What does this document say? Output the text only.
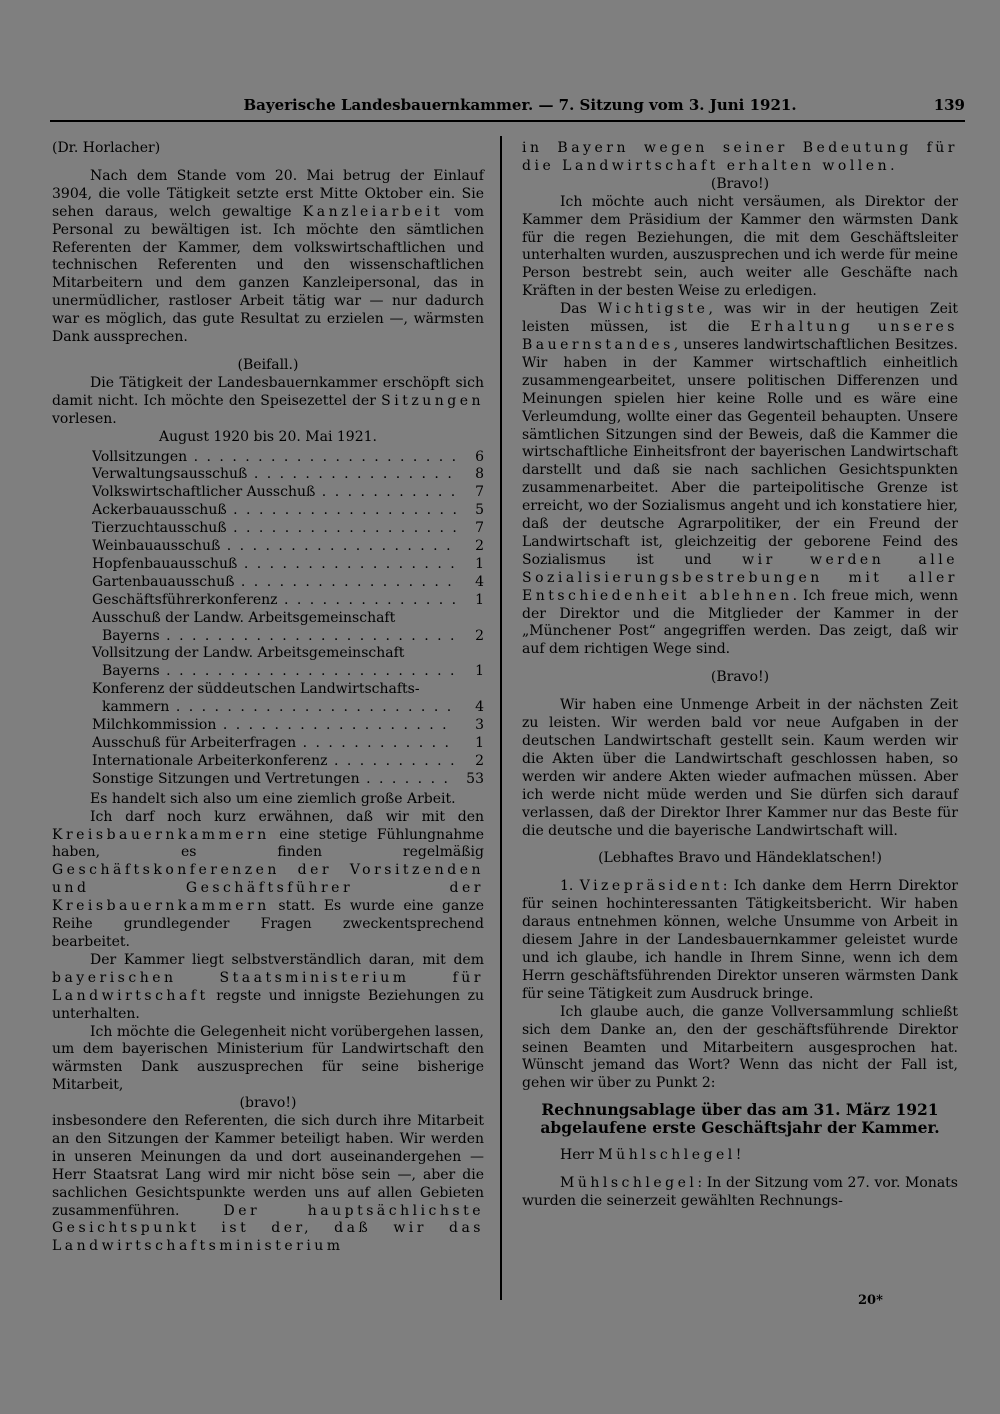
Bayerische Landesbauernkammer. — 7. Sitzung vom 3. Juni 1921.	139

(Dr. Horlacher)

Nach dem Stande vom 20. Mai betrug der Einlauf 3904, die volle Tätigkeit setzte erst Mitte Oktober ein. Sie sehen daraus, welch gewaltige Kanzleiarbeit vom Personal zu bewältigen ist. Ich möchte den sämtlichen Referenten der Kammer, dem volkswirtschaftlichen und technischen Referenten und den wissenschaftlichen Mitarbeitern und dem ganzen Kanzleipersonal, das in unermüdlicher, rastloser Arbeit tätig war — nur dadurch war es möglich, das gute Resultat zu erzielen —, wärmsten Dank aussprechen.

(Beifall.)

Die Tätigkeit der Landesbauernkammer erschöpft sich damit nicht. Ich möchte den Speisezettel der Sitzungen vorlesen.

August 1920 bis 20. Mai 1921.

Vollsitzungen . . .	6
Verwaltungsausschuß . . .	8
Volkswirtschaftlicher Ausschuß . . .	7
Ackerbauausschuß . . .	5
Tierzuchtausschuß . . .	7
Weinbauausschuß . . .	2
Hopfenbauausschuß . . .	1
Gartenbauausschuß . . .	4
Geschäftsführerkonferenz . . .	1
Ausschuß der Landw. Arbeitsgemeinschaft
Bayerns . . .	2
Vollsitzung der Landw. Arbeitsgemeinschaft
Bayerns . . .	1
Konferenz der süddeutschen Landwirtschafts-
kammern . . .	4
Milchkommission . . .	3
Ausschuß für Arbeiterfragen . . .	1
Internationale Arbeiterkonferenz . . .	2
Sonstige Sitzungen und Vertretungen . . .	53

Es handelt sich also um eine ziemlich große Arbeit.

Ich darf noch kurz erwähnen, daß wir mit den Kreisbauernkammern eine stetige Fühlungnahme haben, es finden regelmäßig Geschäftskonferenzen der Vorsitzenden und Geschäftsführer der Kreisbauernkammern statt. Es wurde eine ganze Reihe grundlegender Fragen zweckentsprechend bearbeitet.

Der Kammer liegt selbstverständlich daran, mit dem bayerischen Staatsministerium für Landwirtschaft regste und innigste Beziehungen zu unterhalten.

Ich möchte die Gelegenheit nicht vorübergehen lassen, um dem bayerischen Ministerium für Landwirtschaft den wärmsten Dank auszusprechen für seine bisherige Mitarbeit,

(bravo!)

insbesondere den Referenten, die sich durch ihre Mitarbeit an den Sitzungen der Kammer beteiligt haben. Wir werden in unseren Meinungen da und dort auseinandergehen — Herr Staatsrat Lang wird mir nicht böse sein —, aber die sachlichen Gesichtspunkte werden uns auf allen Gebieten zusammenführen. Der hauptsächlichste Gesichtspunkt ist der, daß wir das Landwirtschaftsministerium

in Bayern wegen seiner Bedeutung für die Landwirtschaft erhalten wollen.

(Bravo!)

Ich möchte auch nicht versäumen, als Direktor der Kammer dem Präsidium der Kammer den wärmsten Dank für die regen Beziehungen, die mit dem Geschäftsleiter unterhalten wurden, auszusprechen und ich werde für meine Person bestrebt sein, auch weiter alle Geschäfte nach Kräften in der besten Weise zu erledigen.

Das Wichtigste, was wir in der heutigen Zeit leisten müssen, ist die Erhaltung unseres Bauernstandes, unseres landwirtschaftlichen Besitzes. Wir haben in der Kammer wirtschaftlich einheitlich zusammengearbeitet, unsere politischen Differenzen und Meinungen spielen hier keine Rolle und es wäre eine Verleumdung, wollte einer das Gegenteil behaupten. Unsere sämtlichen Sitzungen sind der Beweis, daß die Kammer die wirtschaftliche Einheitsfront der bayerischen Landwirtschaft darstellt und daß sie nach sachlichen Gesichtspunkten zusammenarbeitet. Aber die parteipolitische Grenze ist erreicht, wo der Sozialismus angeht und ich konstatiere hier, daß der deutsche Agrarpolitiker, der ein Freund der Landwirtschaft ist, gleichzeitig der geborene Feind des Sozialismus ist und wir werden alle Sozialisierungsbestrebungen mit aller Entschiedenheit ablehnen. Ich freue mich, wenn der Direktor und die Mitglieder der Kammer in der „Münchener Post“ angegriffen werden. Das zeigt, daß wir auf dem richtigen Wege sind.

(Bravo!)

Wir haben eine Unmenge Arbeit in der nächsten Zeit zu leisten. Wir werden bald vor neue Aufgaben in der deutschen Landwirtschaft gestellt sein. Kaum werden wir die Akten über die Landwirtschaft geschlossen haben, so werden wir andere Akten wieder aufmachen müssen. Aber ich werde nicht müde werden und Sie dürfen sich darauf verlassen, daß der Direktor Ihrer Kammer nur das Beste für die deutsche und die bayerische Landwirtschaft will.

(Lebhaftes Bravo und Händeklatschen!)

1. Vizepräsident: Ich danke dem Herrn Direktor für seinen hochinteressanten Tätigkeitsbericht. Wir haben daraus entnehmen können, welche Unsumme von Arbeit in diesem Jahre in der Landesbauernkammer geleistet wurde und ich glaube, ich handle in Ihrem Sinne, wenn ich dem Herrn geschäftsführenden Direktor unseren wärmsten Dank für seine Tätigkeit zum Ausdruck bringe.

Ich glaube auch, die ganze Vollversammlung schließt sich dem Danke an, den der geschäftsführende Direktor seinen Beamten und Mitarbeitern ausgesprochen hat. Wünscht jemand das Wort? Wenn das nicht der Fall ist, gehen wir über zu Punkt 2:

Rechnungsablage über das am 31. März 1921 abgelaufene erste Geschäftsjahr der Kammer.

Herr Mühlschlegel!

Mühlschlegel: In der Sitzung vom 27. vor. Monats wurden die seinerzeit gewählten Rechnungs-

20*
